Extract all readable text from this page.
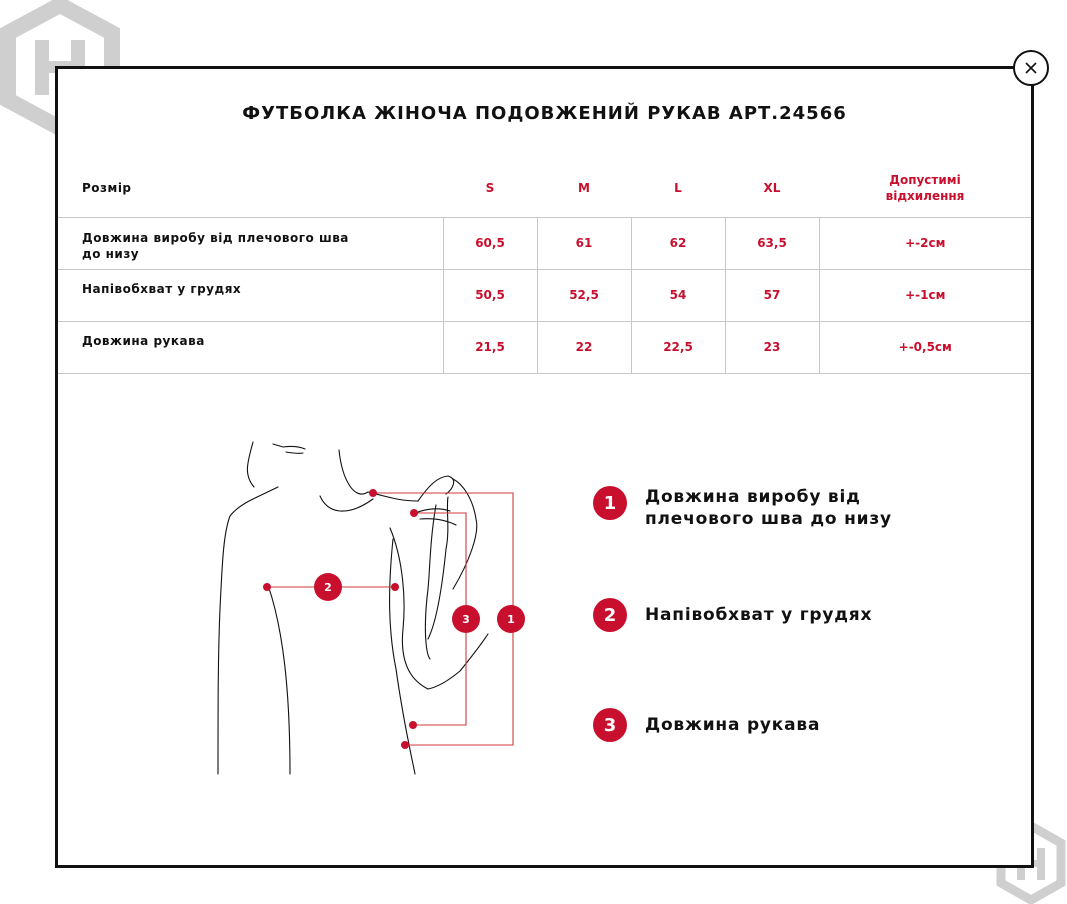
ФУТБОЛКА ЖІНОЧА ПОДОВЖЕНИЙ РУКАВ АРТ.24566
Розмір	S	M	L	XL	Допустимі відхилення
Довжина виробу від плечового шва до низу	60,5	61	62	63,5	+-2см
Напівобхват у грудях	50,5	52,5	54	57	+-1см
Довжина рукава	21,5	22	22,5	23	+-0,5см
2
3	1
1	Довжина виробу від плечового шва до низу
2	Напівобхват у грудях
3	Довжина рукава
